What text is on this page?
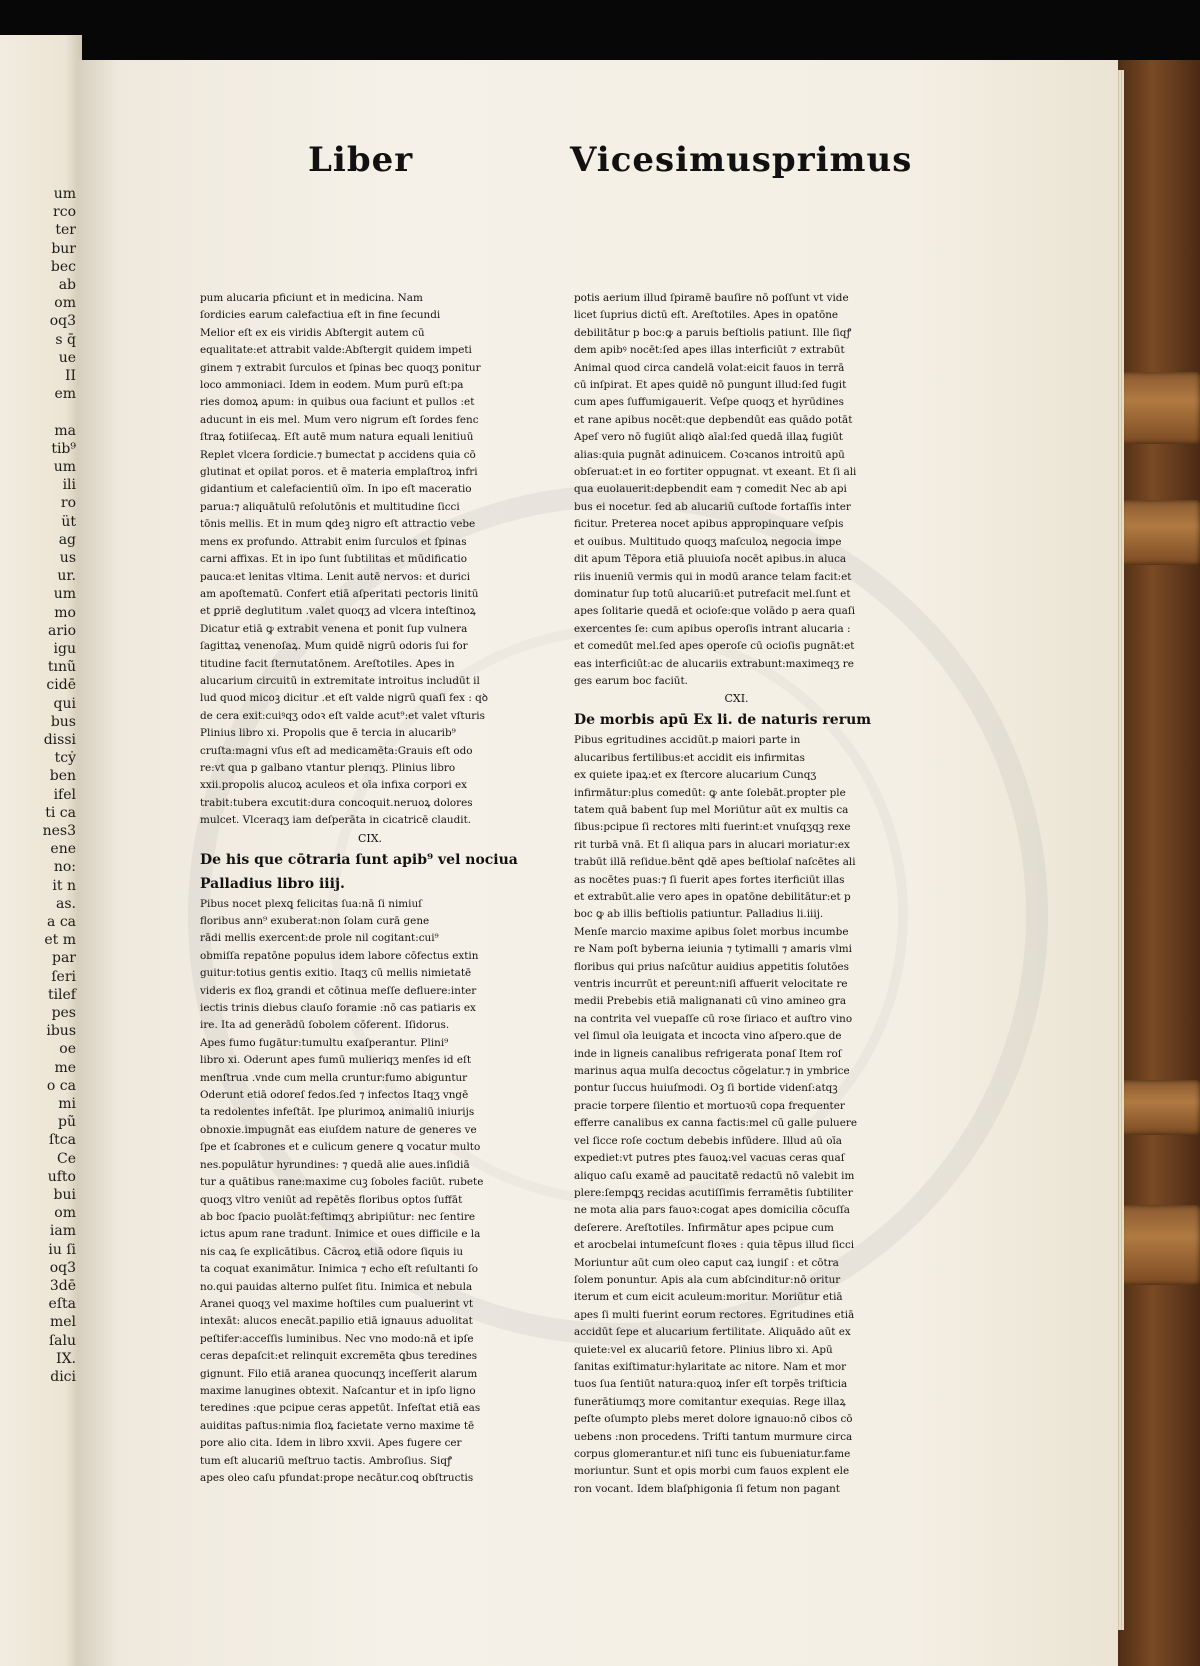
um
rco
ter
bur
bec
ab
om
oq3
s q̄
ue
II
em
ma
tib⁹
um
ili
ro
üt
ag
us
ur.
um
mo
ario
igu
tınũ
cidē
qui
bus
dissi
tcẏ
ben
ifel
ti ca
nes3
ene
no:
it n
as.
a ca
et m
par
ſeri
tilef
pes
ibus
oe
me
o ca
mi
pũ
ſtca
Ce
ufto
bui
om
iam
iu ſi
oq3
3dē
eſta
mel
ſalu
IX.
dici
Liber	Vicesimusprimus
pum alucaria pficiunt et in medicina. Nam
ſordicies earum calefactiua eſt in fine ſecundi
Melior eſt ex eis viridis Abſtergit autem cū
equalitate:et attrabit valde:Abſtergit quidem impeti
ginem ⁊ extrabit ſurculos et ſpinas bec quoqʒ ponitur
loco ammoniaci. Idem in eodem. Mum purū eſt:pa
ries domoꝝ apum: in quibus oua faciunt et pullos :et
aducunt in eis mel. Mum vero nigrum eſt ſordes fenc
ſtraꝝ fotiiſecaꝝ. Eſt autē mum natura equali lenitiuū
Replet vlcera ſordicie.⁊ bumectat p accidens quia cō
glutinat et opilat poros. et ē materia emplaſtroꝝ infri
gidantium et calefacientiū oīm. In ipo eſt maceratio
parua:⁊ aliquātulū reſolutōnis et multitudine ſicci
tōnis mellis. Et in mum ꝗdeꝫ nigro eſt attractio vebe
mens ex profundo. Attrabit enim ſurculos et ſpinas
carni affixas. Et in ipo ſunt ſubtilitas et mūdificatio
pauca:et lenitas vltima. Lenit autē nervos: et durici
am apoſtematū. Confert etiā aſperitati pectoris linitū
et ꝑpriē deglutitum .valet quoqʒ ad vlcera inteſtinoꝝ
Dicatur etiā ꝙ extrabit venena et ponit ſup vulnera
ſagittaꝝ venenoſaꝝ. Mum quidē nigrū odoris ſui for
titudine facit ſternutatōnem. Areſtotiles. Apes in
alucarium circuitū in extremitate introitus includūt il
lud quod micoꝫ dicitur .et eſt valde nigrū quaſi fex : qꝺ
de cera exit:cuiꝰqʒ odoꝛ eſt valde acut⁹:et valet vſturis
Plinius libro xi. Propolis que ē tercia in alucarib⁹
cruſta:magni vſus eſt ad medicamēta:Grauis eſt odo
re:vt qua p galbano vtantur plerıqʒ. Plinius libro
xxii.propolis alucoꝝ aculeos et oīa infixa corpori ex
trabit:tubera excutit:dura concoquit.neruoꝝ dolores
mulcet. Vlceraqʒ iam deſperāta in cicatricē claudit.
CIX.
De his que cōtraria ſunt apib⁹ vel nociua
Palladius libro iiij.
Pibus nocet plexꝗ felicitas ſua:nā ſi nimiuſ
floribus ann⁹ exuberat:non ſolam curā gene
rādi mellis exercent:de prole nil cogitant:cui⁹
obmiſſa repatōne populus idem labore cōfectus extin
guitur:totius gentis exitio. Itaqʒ cū mellis nimietatē
videris ex floꝝ grandi et cōtinua meſſe defluere:inter
iectis trinis diebus clauſo foramie :nō cas patiaris ex
ire. Ita ad generādū ſobolem cōferent. Iſidorus.
Apes fumo fugātur:tumultu exaſperantur. Plini⁹
libro xi. Oderunt apes fumū mulieriqʒ menſes id eſt
menſtrua .vnde cum mella cruntur:fumo abiguntur
Oderunt etiā odoreſ fedos.ſed ⁊ infectos Itaqʒ vngē
ta redolentes infeſtāt. Ipe plurimoꝝ animaliū iniurijs
obnoxie.impugnāt eas eiuſdem nature de generes ve
ſpe et ſcabrones et e culicum genere ꝗ vocatur multo
nes.populātur hyrundines: ⁊ quedā alie aues.inſidiā
tur a quātibus rane:maxime cuꝫ ſoboles faciūt. rubete
quoqʒ vltro veniūt ad repētēs floribus optos ſuffāt
ab boc ſpacio puolāt:feſtimqʒ abripiūtur: nec ſentire
ictus apum rane tradunt. Inimice et oues difficile e la
nis caꝝ ſe explicātibus. Cācroꝝ etiā odore ſiquis iu
ta coquat exanimātur. Inimica ⁊ echo eſt reſultanti ſo
no.qui pauidas alterno pulſet ſitu. Inimica et nebula
Aranei quoqʒ vel maxime hoſtiles cum pualuerint vt
intexāt: alucos enecāt.papilio etiā ignauus aduolitat
peſtifer:acceſſis luminibus. Nec vno modo:nā et ipſe
ceras depaſcit:et relinquit excremēta ꝗbus teredines
gignunt. Filo etiā aranea quocunqʒ inceſſerit alarum
maxime lanugines obtexit. Naſcantur et in ipſo ligno
teredines :que pcipue ceras appetūt. Infeſtat etiā eas
auiditas paſtus:nimia floꝝ facietate verno maxime tē
pore alio cita. Idem in libro xxvii. Apes fugere cer
tum eſt alucariū meſtruo tactis. Ambroſius. Siqꝭ
apes oleo caſu pfundat:prope necātur.coꝗ obſtructis
potis aerium illud ſpiramē bauſire nō poſſunt vt vide
licet ſuprius dictū eſt. Areſtotiles. Apes in opatōne
debilitātur p boc:ꝙ a paruis beſtiolis patiunt. Ille ſiqꝭ
dem apibꝰ nocēt:ſed apes illas interficiūt ⁊ extrabūt
Animal quod circa candelā volat:eicit fauos in terrā
cū inſpirat. Et apes quidē nō pungunt illud:ſed fugit
cum apes ſuffumigauerit. Veſpe quoqʒ et hyrūdines
et rane apibus nocēt:que depbendūt eas quādo potāt
Apeſ vero nō fugiūt aliqꝺ aīal:ſed quedā illaꝝ fugiūt
alias:quia pugnāt adinuicem. Coꝛcanos introitū apū
obſeruat:et in eo fortiter oppugnat. vt exeant. Et ſi ali
qua euolauerit:depbendit eam ⁊ comedit Nec ab api
bus ei nocetur. ſed ab alucariū cuſtode fortaſſis inter
ficitur. Preterea nocet apibus appropinquare veſpis
et ouibus. Multitudo quoqʒ maſculoꝝ negocia impe
dit apum Tēpora etiā pluuioſa nocēt apibus.in aluca
riis inueniū vermis qui in modū arance telam facit:et
dominatur ſup totū alucariū:et putrefacit mel.ſunt et
apes ſolitarie quedā et ocioſe:que volādo p aera quaſi
exercentes ſe: cum apibus operoſis intrant alucaria :
et comedūt mel.ſed apes operoſe cū ocioſis pugnāt:et
eas interficiūt:ac de alucariis extrabunt:maximeqʒ re
ges earum boc faciūt.
CXI.
De morbis apū Ex li. de naturis rerum
Pibus egritudines accidūt.p maiori parte in
alucaribus fertilibus:et accidit eis infirmitas
ex quiete ipaꝝ:et ex ſtercore alucarium Cunqʒ
infirmātur:plus comedūt: ꝙ ante ſolebāt.propter ple
tatem quā babent ſup mel Moriūtur aūt ex multis ca
ſibus:pcipue ſi rectores mlti fuerint:et vnuſqʒqꝫ rexe
rit turbā vnā. Et ſi aliqua pars in alucari moriatur:ex
trabūt illā reſidue.bēnt ꝗdē apes beſtiolaſ naſcētes ali
as nocētes puas:⁊ ſi fuerit apes fortes iterficiūt illas
et extrabūt.alie vero apes in opatōne debilitātur:et p
boc ꝙ ab illis beſtiolis patiuntur. Palladius li.iiij.
Menſe marcio maxime apibus ſolet morbus incumbe
re Nam poſt byberna ieiunia ⁊ tytimalli ⁊ amaris vlmi
floribus qui prius naſcūtur auidius appetitis ſolutōes
ventris incurrūt et pereunt:niſi affuerit velocitate re
medii Prebebis etiā malignanati cū vino amineo gra
na contrita vel vuepaſſe cū roꝛe ſiriaco et auſtro vino
vel ſimul oīa leuigata et incocta vino aſpero.que de
inde in ligneis canalibus refrigerata ponaſ Item roſ
marinus aqua mulſa decoctus cōgelatur.⁊ in ymbrice
pontur ſuccus huiuſmodi. Oꝫ ſi bortide videnſ:atqꝫ
pracie torpere ſilentio et mortuoꝛū copa frequenter
efferre canalibus ex canna factis:mel cū galle puluere
vel ſicce roſe coctum debebis infūdere. Illud aū oīa
expediet:vt putres ptes fauoꝝ:vel vacuas ceras quaſ
aliquo caſu examē ad paucitatē redactū nō valebit im
plere:ſempꝗʒ recidas acutiſſimis ferramētis ſubtiliter
ne mota alia pars fauoꝛ:cogat apes domicilia cōcuſſa
deſerere. Areſtotiles. Infirmātur apes pcipue cum
et arocbelai intumeſcunt floꝛes : quia tēpus illud ſicci
Moriuntur aūt cum oleo caput caꝝ iungiſ : et cōtra
ſolem ponuntur. Apis ala cum abſcinditur:nō oritur
iterum et cum eicit aculeum:moritur. Moriūtur etiā
apes ſi multi fuerint eorum rectores. Egritudines etiā
accidūt ſepe et alucarium fertilitate. Aliquādo aūt ex
quiete:vel ex alucariū fetore. Plinius libro xi. Apū
ſanitas exiſtimatur:hylaritate ac nitore. Nam et mor
tuos ſua ſentiūt natura:quoꝝ inſer eſt torpēs triſticia
funerātiumqʒ more comitantur exequias. Rege illaꝝ
peſte oſumpto plebs meret dolore ignauo:nō cibos cō
uebens :non procedens. Triſti tantum murmure circa
corpus glomerantur.et niſi tunc eis ſubueniatur.fame
moriuntur. Sunt et opis morbi cum fauos explent ele
ron vocant. Idem blaſphigonia ſi fetum non pagant
